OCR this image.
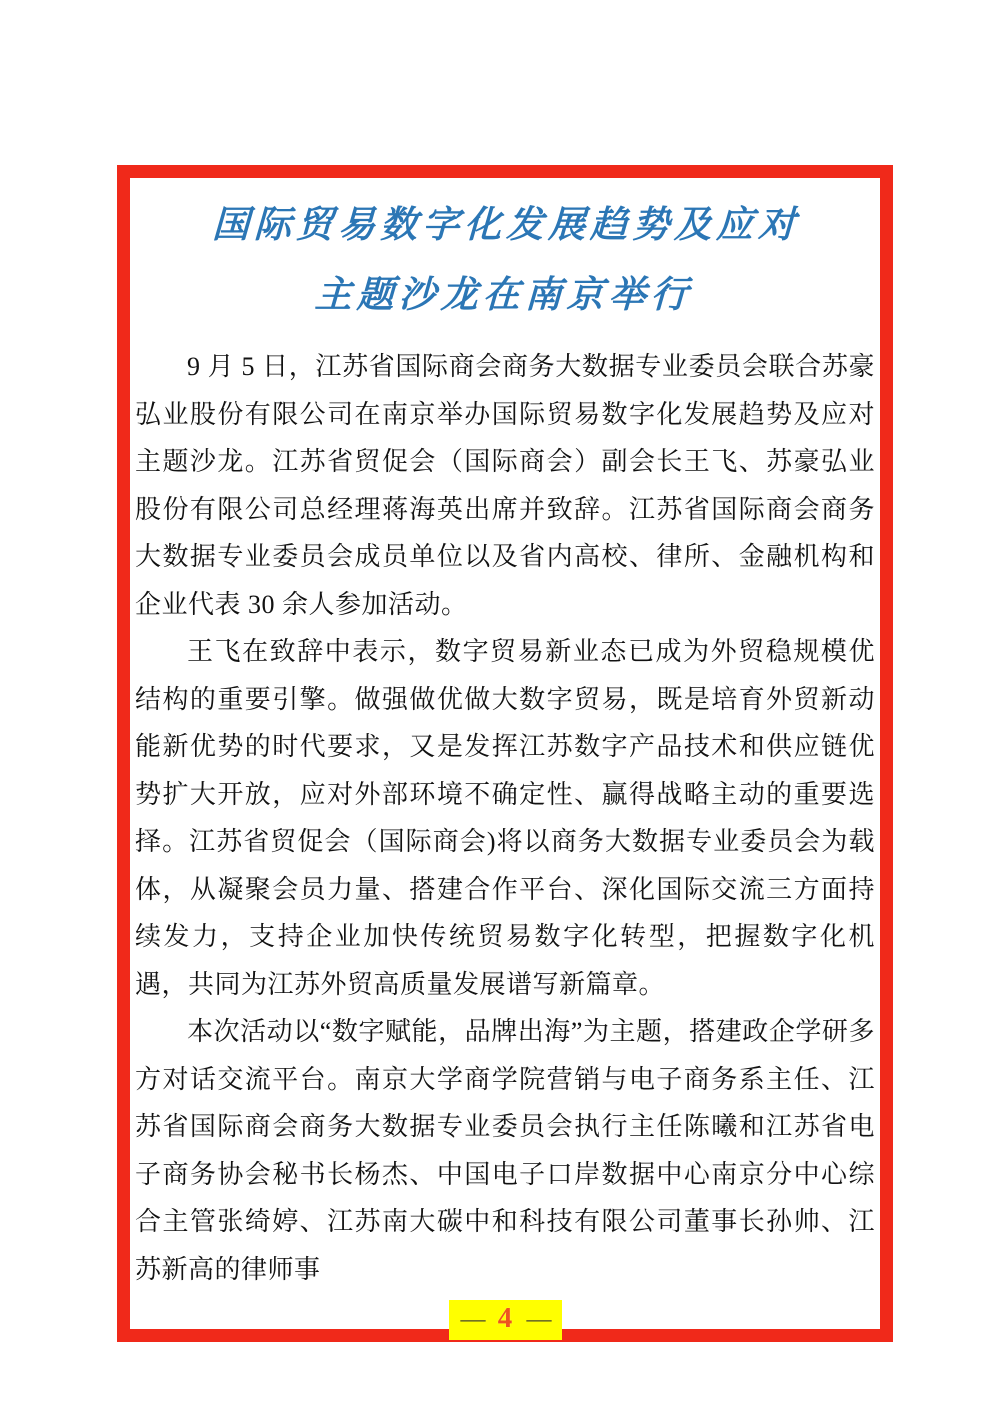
国际贸易数字化发展趋势及应对
主题沙龙在南京举行

9 月 5 日，江苏省国际商会商务大数据专业委员会联合苏豪弘业股份有限公司在南京举办国际贸易数字化发展趋势及应对主题沙龙。江苏省贸促会（国际商会）副会长王飞、苏豪弘业股份有限公司总经理蒋海英出席并致辞。江苏省国际商会商务大数据专业委员会成员单位以及省内高校、律所、金融机构和企业代表 30 余人参加活动。

王飞在致辞中表示，数字贸易新业态已成为外贸稳规模优结构的重要引擎。做强做优做大数字贸易，既是培育外贸新动能新优势的时代要求，又是发挥江苏数字产品技术和供应链优势扩大开放，应对外部环境不确定性、赢得战略主动的重要选择。江苏省贸促会（国际商会)将以商务大数据专业委员会为载体，从凝聚会员力量、搭建合作平台、深化国际交流三方面持续发力，支持企业加快传统贸易数字化转型，把握数字化机遇，共同为江苏外贸高质量发展谱写新篇章。

本次活动以“数字赋能，品牌出海”为主题，搭建政企学研多方对话交流平台。南京大学商学院营销与电子商务系主任、江苏省国际商会商务大数据专业委员会执行主任陈曦和江苏省电子商务协会秘书长杨杰、中国电子口岸数据中心南京分中心综合主管张绮婷、江苏南大碳中和科技有限公司董事长孙帅、江苏新高的律师事

— 4 —
